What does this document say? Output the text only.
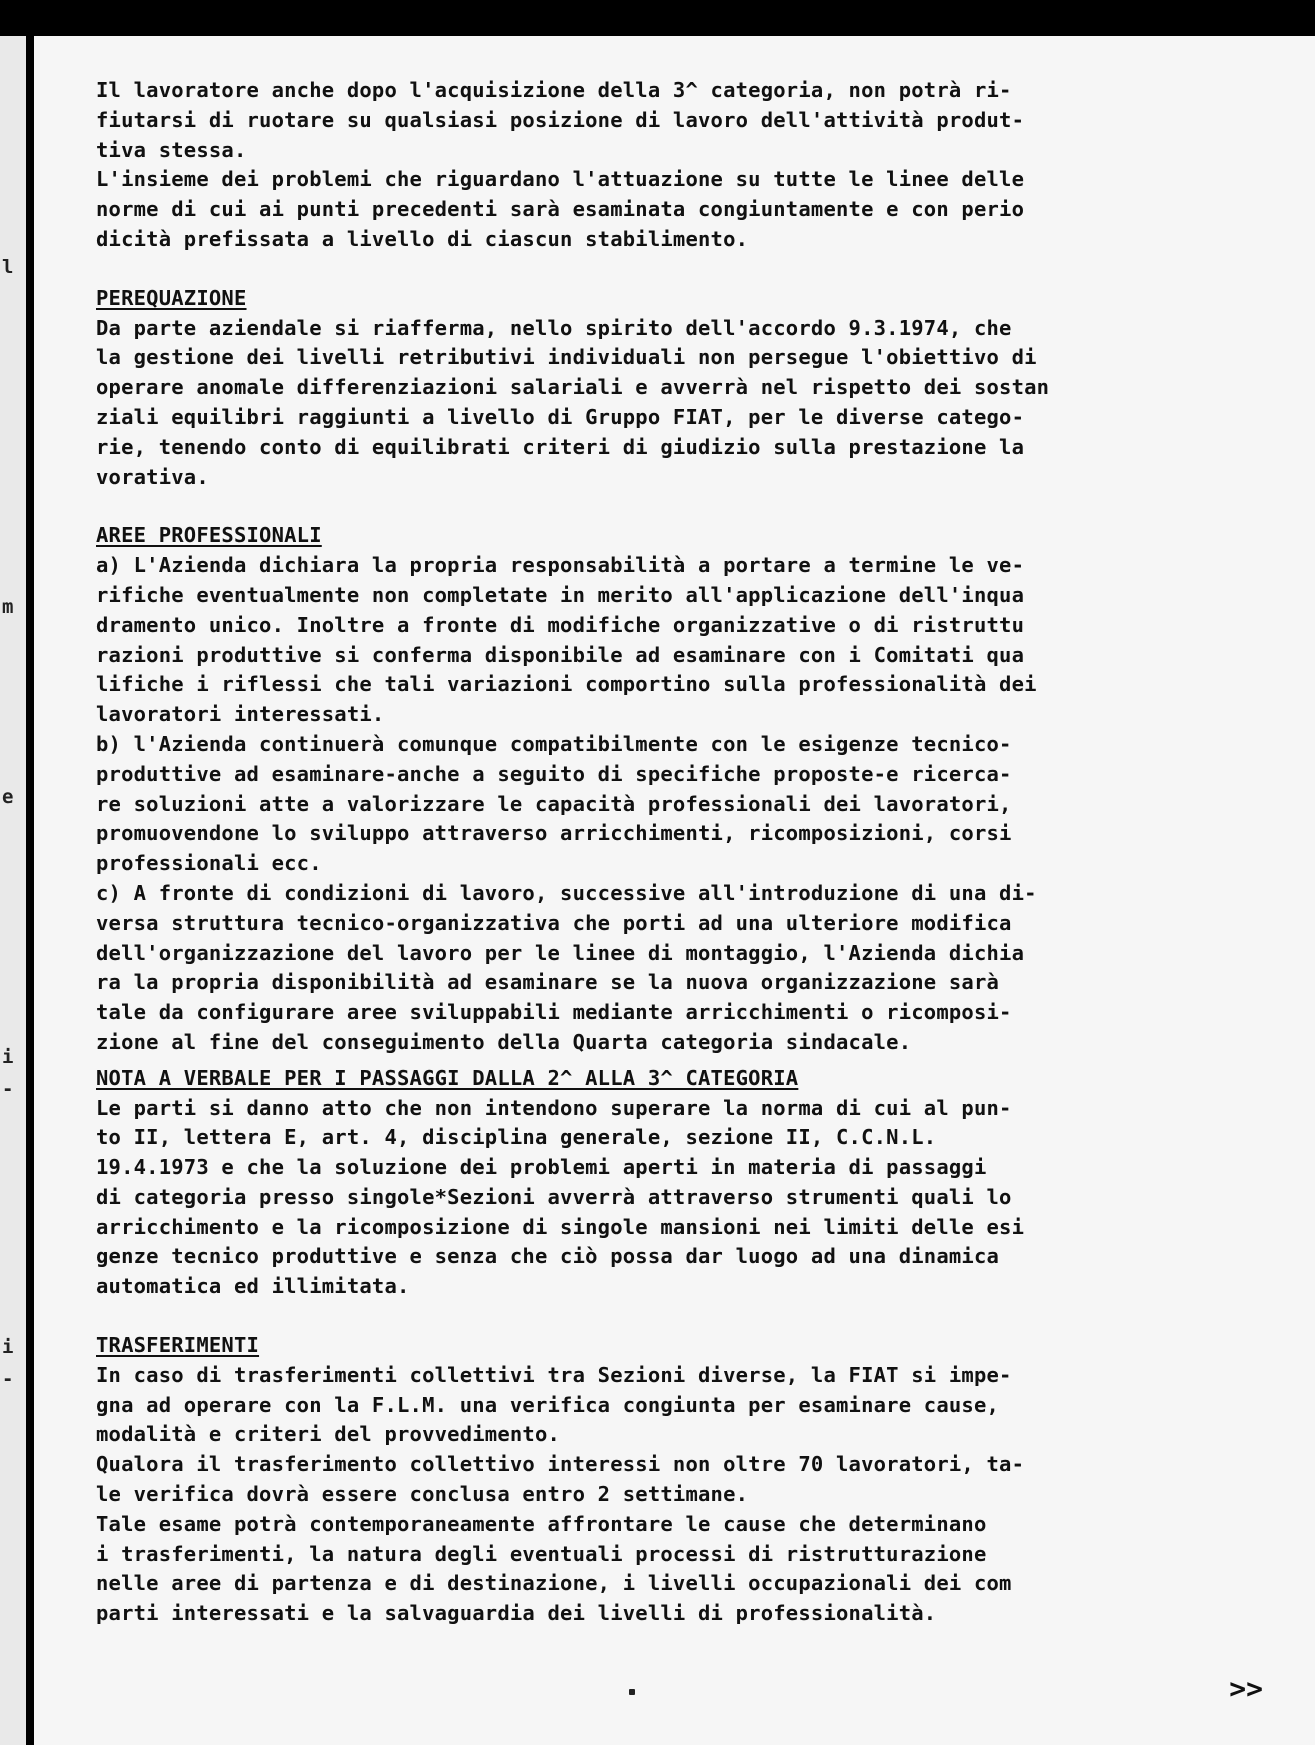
l
m
e
i
-
i
-

Il lavoratore anche dopo l'acquisizione della 3^ categoria, non potrà ri-

fiutarsi di ruotare su qualsiasi posizione di lavoro dell'attività produt-

tiva stessa.

L'insieme dei problemi che riguardano l'attuazione su tutte le linee delle

norme di cui ai punti precedenti sarà esaminata congiuntamente e con perio

dicità prefissata a livello di ciascun stabilimento.

PEREQUAZIONE

Da parte aziendale si riafferma, nello spirito dell'accordo 9.3.1974, che

la gestione dei livelli retributivi individuali non persegue l'obiettivo di

operare anomale differenziazioni salariali e avverrà nel rispetto dei sostan

ziali equilibri raggiunti a livello di Gruppo FIAT, per le diverse catego-

rie, tenendo conto di equilibrati criteri di giudizio sulla prestazione la

vorativa.

AREE PROFESSIONALI

a) L'Azienda dichiara la propria responsabilità a portare a termine le ve-

rifiche eventualmente non completate in merito all'applicazione dell'inqua

dramento unico. Inoltre a fronte di modifiche organizzative o di ristruttu

razioni produttive si conferma disponibile ad esaminare con i Comitati qua

lifiche i riflessi che tali variazioni comportino sulla professionalità dei

lavoratori interessati.

b) l'Azienda continuerà comunque compatibilmente con le esigenze tecnico-

produttive ad esaminare-anche a seguito di specifiche proposte-e ricerca-

re soluzioni atte a valorizzare le capacità professionali dei lavoratori,

promuovendone lo sviluppo attraverso arricchimenti, ricomposizioni, corsi

professionali ecc.

c) A fronte di condizioni di lavoro, successive all'introduzione di una di-

versa struttura tecnico-organizzativa che porti ad una ulteriore modifica

dell'organizzazione del lavoro per le linee di montaggio, l'Azienda dichia

ra la propria disponibilità ad esaminare se la nuova organizzazione sarà

tale da configurare aree sviluppabili mediante arricchimenti o ricomposi-

zione al fine del conseguimento della Quarta categoria sindacale.

NOTA A VERBALE PER I PASSAGGI DALLA 2^ ALLA 3^ CATEGORIA

Le parti si danno atto che non intendono superare la norma di cui al pun-

to II, lettera E, art. 4, disciplina generale, sezione II, C.C.N.L.

19.4.1973 e che la soluzione dei problemi aperti in materia di passaggi

di categoria presso singole*Sezioni avverrà attraverso strumenti quali lo

arricchimento e la ricomposizione di singole mansioni nei limiti delle esi

genze tecnico produttive e senza che ciò possa dar luogo ad una dinamica

automatica ed illimitata.

TRASFERIMENTI

In caso di trasferimenti collettivi tra Sezioni diverse, la FIAT si impe-

gna ad operare con la F.L.M. una verifica congiunta per esaminare cause,

modalità e criteri del provvedimento.

Qualora il trasferimento collettivo interessi non oltre 70 lavoratori, ta-

le verifica dovrà essere conclusa entro 2 settimane.

Tale esame potrà contemporaneamente affrontare le cause che determinano

i trasferimenti, la natura degli eventuali processi di ristrutturazione

nelle aree di partenza e di destinazione, i livelli occupazionali dei com

parti interessati e la salvaguardia dei livelli di professionalità.

>>
